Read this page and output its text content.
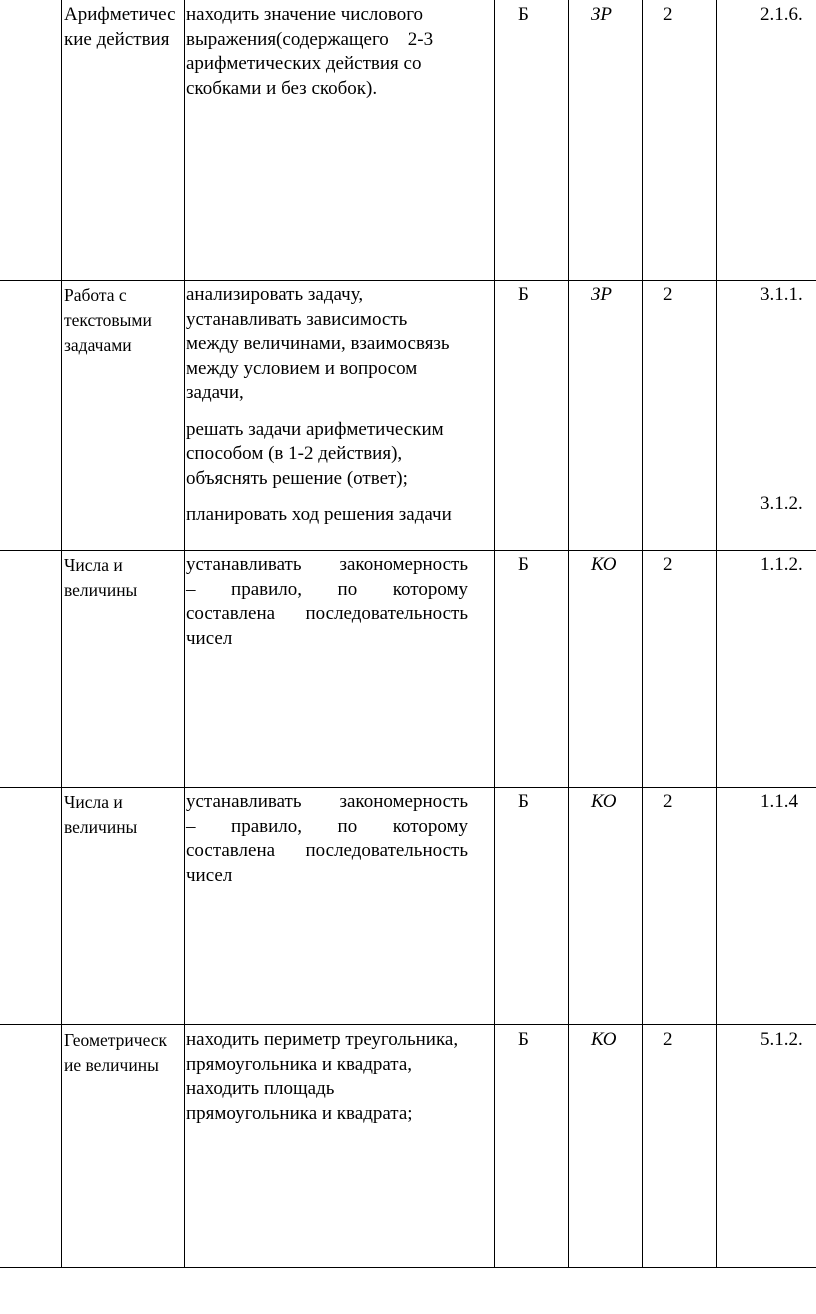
Арифметичес
кие действия

находить значение числового
выражения(содержащего    2-3
арифметических действия со
скобками и без скобок).

Б	ЗР	2	2.1.6.
Работа с
текстовыми
задачами

анализировать задачу,
устанавливать зависимость
между величинами, взаимосвязь
между условием и вопросом
задачи,

решать задачи арифметическим
способом (в 1-2 действия),
объяснять решение (ответ);

планировать ход решения задачи

Б	ЗР	2	3.1.1.
3.1.2.
Числа и
величины
устанавливать закономерность
– правило, по которому
составлена последовательность
чисел
Б	КО 2	1.1.2.
Числа и
величины
устанавливать закономерность
– правило, по которому
составлена последовательность
чисел
Б	КО 2	1.1.4
Геометрическ
ие величины
находить периметр треугольника,
прямоугольника и квадрата,
находить площадь
прямоугольника и квадрата;
Б	КО 2	5.1.2.
